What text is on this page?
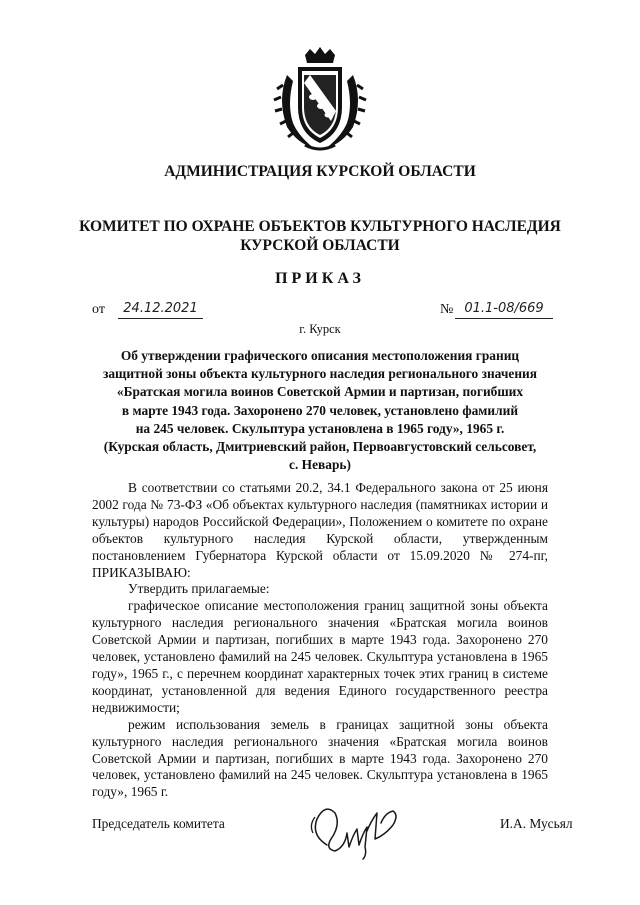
АДМИНИСТРАЦИЯ КУРСКОЙ ОБЛАСТИ
КОМИТЕТ ПО ОХРАНЕ ОБЪЕКТОВ КУЛЬТУРНОГО НАСЛЕДИЯ
КУРСКОЙ ОБЛАСТИ
ПРИКАЗ
от	24.12.2021	№ 01.1-08/669
г. Курск
Об утверждении графического описания местоположения границ
защитной зоны объекта культурного наследия регионального значения
«Братская могила воинов Советской Армии и партизан, погибших
в марте 1943 года. Захоронено 270 человек, установлено фамилий
на 245 человек. Скульптура установлена в 1965 году», 1965 г.
(Курская область, Дмитриевский район, Первоавгустовский сельсовет,
с. Неварь)

В соответствии со статьями 20.2, 34.1 Федерального закона от 25 июня 2002 года № 73-ФЗ «Об объектах культурного наследия (памятниках истории и культуры) народов Российской Федерации», Положением о комитете по охране объектов культурного наследия Курской области, утвержденным постановлением Губернатора Курской области от 15.09.2020 № 274-пг, ПРИКАЗЫВАЮ:

Утвердить прилагаемые:

графическое описание местоположения границ защитной зоны объекта культурного наследия регионального значения «Братская могила воинов Советской Армии и партизан, погибших в марте 1943 года. Захоронено 270 человек, установлено фамилий на 245 человек. Скульптура установлена в 1965 году», 1965 г., с перечнем координат характерных точек этих границ в системе координат, установленной для ведения Единого государственного реестра недвижимости;

режим использования земель в границах защитной зоны объекта культурного наследия регионального значения «Братская могила воинов Советской Армии и партизан, погибших в марте 1943 года. Захоронено 270 человек, установлено фамилий на 245 человек. Скульптура установлена в 1965 году», 1965 г.

Председатель комитета	И.А. Мусьял
